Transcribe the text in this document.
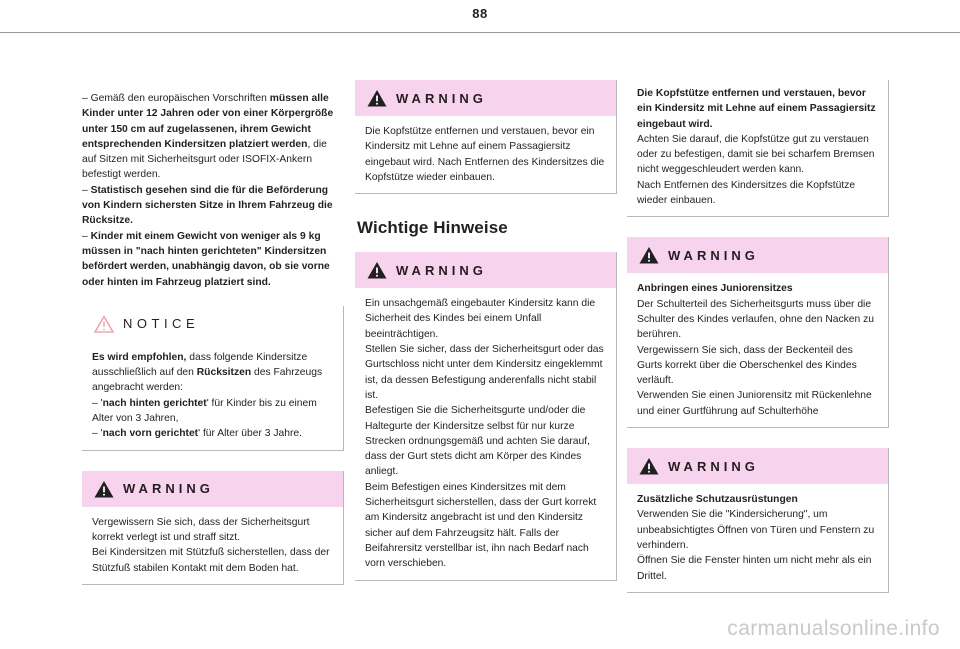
88

– Gemäß den europäischen Vorschriften müssen alle Kinder unter 12 Jahren oder von einer Körpergröße unter 150 cm auf zugelassenen, ihrem Gewicht entsprechenden Kindersitzen platziert werden, die auf Sitzen mit Sicherheitsgurt oder ISOFIX-Ankern befestigt werden.

– Statistisch gesehen sind die für die Beförderung von Kindern sichersten Sitze in Ihrem Fahrzeug die Rücksitze.

– Kinder mit einem Gewicht von weniger als 9 kg müssen in "nach hinten gerichteten" Kindersitzen befördert werden, unabhängig davon, ob sie vorne oder hinten im Fahrzeug platziert sind.

NOTICE

Es wird empfohlen, dass folgende Kindersitze ausschließlich auf den Rücksitzen des Fahrzeugs angebracht werden:

– 'nach hinten gerichtet' für Kinder bis zu einem Alter von 3 Jahren,

– 'nach vorn gerichtet' für Alter über 3 Jahre.

WARNING

Vergewissern Sie sich, dass der Sicherheitsgurt korrekt verlegt ist und straff sitzt.
Bei Kindersitzen mit Stützfuß sicherstellen, dass der Stützfuß stabilen Kontakt mit dem Boden hat.

WARNING

Die Kopfstütze entfernen und verstauen, bevor ein Kindersitz mit Lehne auf einem Passagiersitz eingebaut wird. Nach Entfernen des Kindersitzes die Kopfstütze wieder einbauen.

Wichtige Hinweise
WARNING

Ein unsachgemäß eingebauter Kindersitz kann die Sicherheit des Kindes bei einem Unfall beeinträchtigen.
Stellen Sie sicher, dass der Sicherheitsgurt oder das Gurtschloss nicht unter dem Kindersitz eingeklemmt ist, da dessen Befestigung anderenfalls nicht stabil ist.
Befestigen Sie die Sicherheitsgurte und/oder die Haltegurte der Kindersitze selbst für nur kurze Strecken ordnungsgemäß und achten Sie darauf, dass der Gurt stets dicht am Körper des Kindes anliegt.
Beim Befestigen eines Kindersitzes mit dem Sicherheitsgurt sicherstellen, dass der Gurt korrekt am Kindersitz angebracht ist und den Kindersitz sicher auf dem Fahrzeugsitz hält. Falls der Beifahrersitz verstellbar ist, ihn nach Bedarf nach vorn verschieben.

Die Kopfstütze entfernen und verstauen, bevor ein Kindersitz mit Lehne auf einem Passagiersitz eingebaut wird.

Achten Sie darauf, die Kopfstütze gut zu verstauen oder zu befestigen, damit sie bei scharfem Bremsen nicht weggeschleudert werden kann.
Nach Entfernen des Kindersitzes die Kopfstütze wieder einbauen.

WARNING

Anbringen eines Juniorensitzes

Der Schulterteil des Sicherheitsgurts muss über die Schulter des Kindes verlaufen, ohne den Nacken zu berühren.
Vergewissern Sie sich, dass der Beckenteil des Gurts korrekt über die Oberschenkel des Kindes verläuft.
Verwenden Sie einen Juniorensitz mit Rückenlehne und einer Gurtführung auf Schulterhöhe

WARNING

Zusätzliche Schutzausrüstungen

Verwenden Sie die "Kindersicherung", um unbeabsichtigtes Öffnen von Türen und Fenstern zu verhindern.
Öffnen Sie die Fenster hinten um nicht mehr als ein Drittel.

carmanualsonline.info
